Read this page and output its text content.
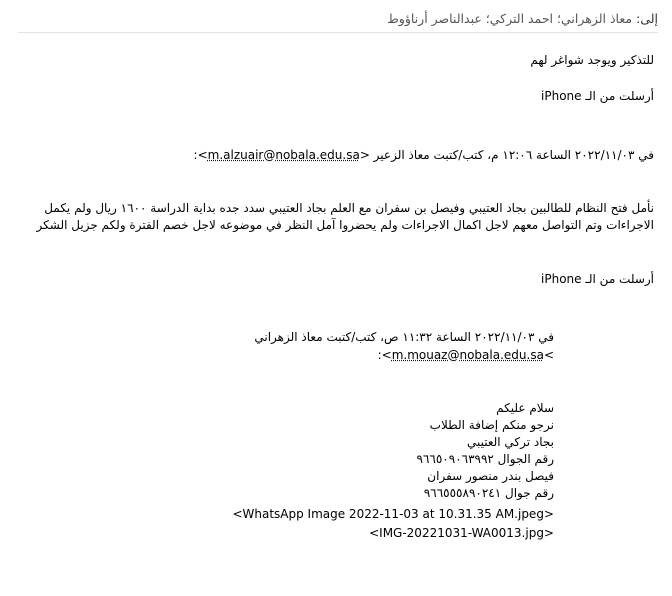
إلى: معاذ الزهراني؛ احمد التركي؛ عبدالناصر أرناؤوط
للتذكير ويوجد شواغر لهم
أرسلت من الـ iPhone
في ٢٠٢٢/١١/٠٣ الساعة ١٢:٠٦ م، كتب/كتبت معاذ الزعير <m.alzuair@nobala.edu.sa>:
نأمل فتح النظام للطالبين بجاد العتيبي وفيصل بن سفران مع العلم بجاد العتيبي سدد جده بداية الدراسة ١٦٠٠ ريال ولم يكمل الاجراءات وتم التواصل معهم لاجل اكمال الاجراءات ولم يحضروا آمل النظر في موضوعه لاجل خصم الفترة ولكم جزيل الشكر
أرسلت من الـ iPhone
في ٢٠٢٢/١١/٠٣ الساعة ١١:٣٢ ص، كتب/كتبت معاذ الزهراني
<m.mouaz@nobala.edu.sa>:
سلام عليكم
نرجو منكم إضافة الطلاب
بجاد تركي العتيبي
رقم الجوال ٩٦٦٥٠٩٠٦٣٩٩٢
فيصل بندر منصور سفران
رقم جوال ٩٦٦٥٥٥٨٩٠٢٤١
<WhatsApp Image 2022-11-03 at 10.31.35 AM.jpeg>
<IMG-20221031-WA0013.jpg>
